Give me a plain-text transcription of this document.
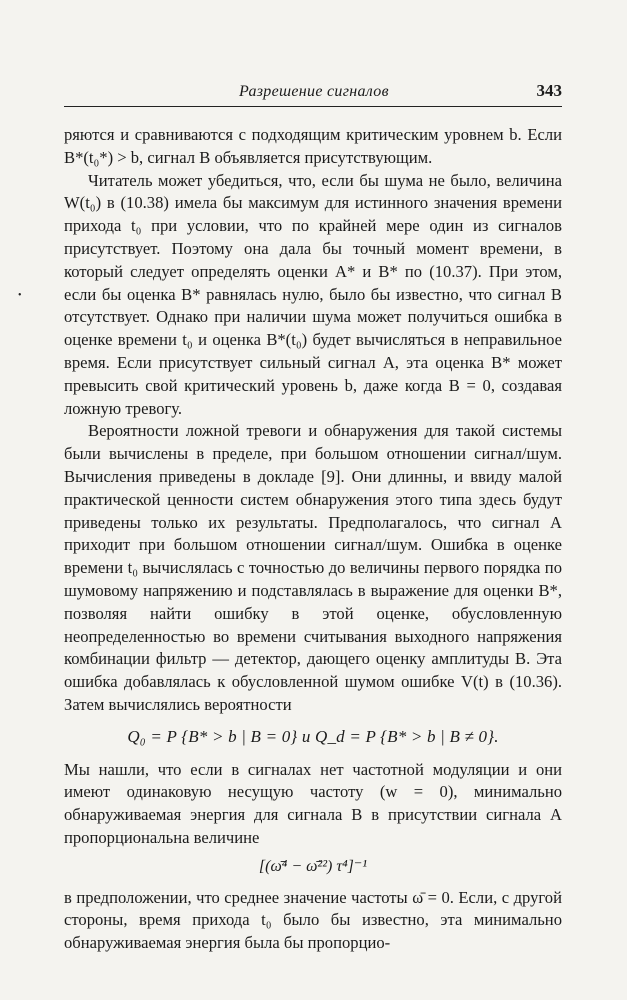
Разрешение сигналов	343

ряются и сравниваются с подходящим критическим уровнем b. Если B*(t₀*) > b, сигнал B объявляется присутствующим.

Читатель может убедиться, что, если бы шума не было, величина W(t₀) в (10.38) имела бы максимум для истинного значения времени прихода t₀ при условии, что по крайней мере один из сигналов присутствует. Поэтому она дала бы точный момент времени, в который следует определять оценки A* и B* по (10.37). При этом, если бы оценка B* равнялась нулю, было бы известно, что сигнал B отсутствует. Однако при наличии шума может получиться ошибка в оценке времени t₀ и оценка B*(t₀) будет вычисляться в неправильное время. Если присутствует сильный сигнал A, эта оценка B* может превысить свой критический уровень b, даже когда B = 0, создавая ложную тревогу.

Вероятности ложной тревоги и обнаружения для такой системы были вычислены в пределе, при большом отношении сигнал/шум. Вычисления приведены в докладе [9]. Они длинны, и ввиду малой практической ценности систем обнаружения этого типа здесь будут приведены только их результаты. Предполагалось, что сигнал A приходит при большом отношении сигнал/шум. Ошибка в оценке времени t₀ вычислялась с точностью до величины первого порядка по шумовому напряжению и подставлялась в выражение для оценки B*, позволяя найти ошибку в этой оценке, обусловленную неопределенностью во времени считывания выходного напряжения комбинации фильтр — детектор, дающего оценку амплитуды B. Эта ошибка добавлялась к обусловленной шумом ошибке V(t) в (10.36). Затем вычислялись вероятности

Q₀ = P {B* > b | B = 0} и Q_d = P {B* > b | B ≠ 0}.

Мы нашли, что если в сигналах нет частотной модуляции и они имеют одинаковую несущую частоту (w = 0), минимально обнаруживаемая энергия для сигнала B в присутствии сигнала A пропорциональна величине

[(ω̄⁴ − ω̄²²) τ⁴]⁻¹

в предположении, что среднее значение частоты ω̄ = 0. Если, с другой стороны, время прихода t₀ было бы известно, эта минимально обнаруживаемая энергия была бы пропорцио-

•
